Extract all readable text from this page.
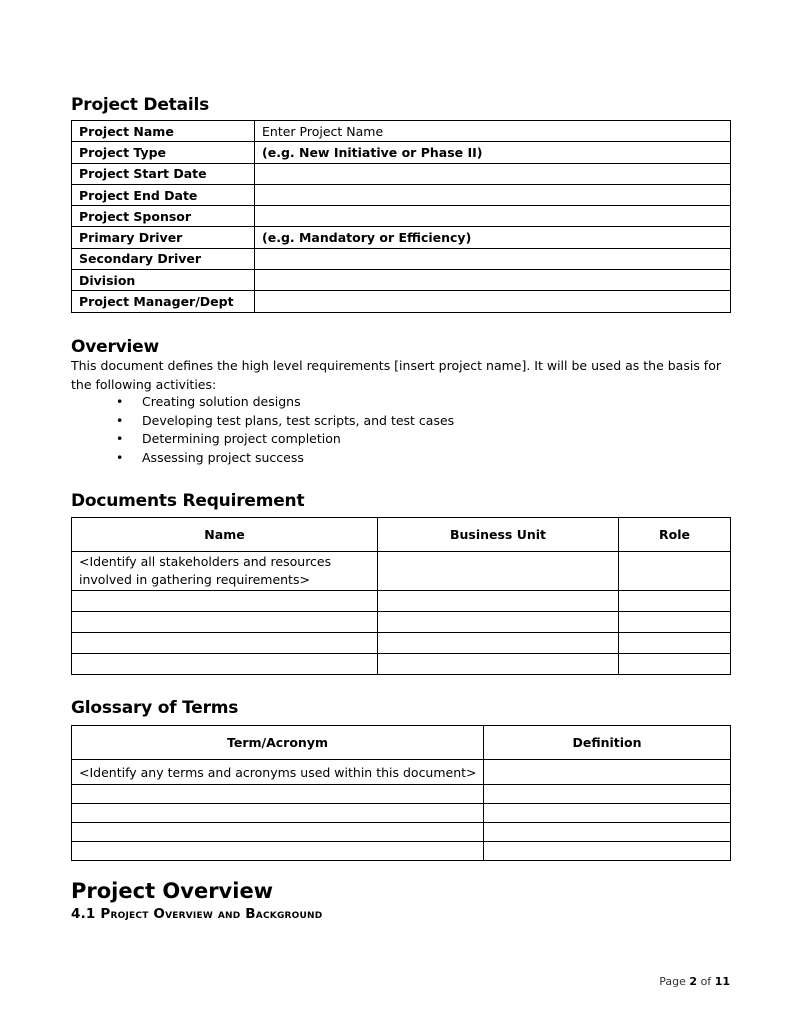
Project Details
Project Name	Enter Project Name
Project Type	(e.g. New Initiative or Phase II)
Project Start Date	
Project End Date	
Project Sponsor	
Primary Driver	(e.g. Mandatory or Efficiency)
Secondary Driver	
Division	
Project Manager/Dept	
Overview

This document defines the high level requirements [insert project name]. It will be used as the basis for the following activities:

• Creating solution designs
• Developing test plans, test scripts, and test cases
• Determining project completion
• Assessing project success
Documents Requirement
Name	Business Unit	Role
<Identify all stakeholders and resources involved in gathering requirements>		

Glossary of Terms
Term/Acronym	Definition
<Identify any terms and acronyms used within this document>	

Project Overview
4.1 Project Overview and Background
Page 2 of 11
